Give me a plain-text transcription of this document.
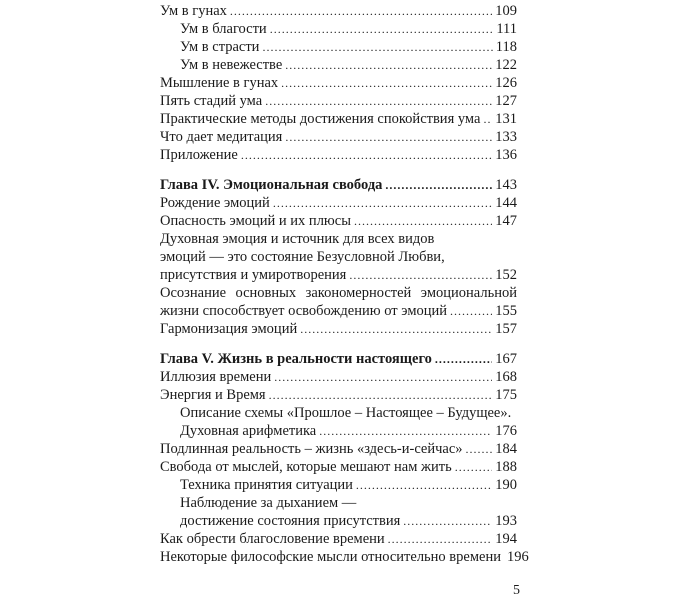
Ум в гунах .....	109
Ум в благости .....	111
Ум в страсти .....	118
Ум в невежестве .....	122
Мышление в гунах .....	126
Пять стадий ума .....	127
Практические методы достижения спокойствия ума ..... 131
Что дает медитация .....	133
Приложение .....	136
Глава IV. Эмоциональная свобода .....	143
Рождение эмоций .....	144
Опасность эмоций и их плюсы .....	147
Духовная эмоция и источник для всех видов
эмоций — это состояние Безусловной Любви,
присутствия и умиротворения .....	152
Осознание основных закономерностей эмоциональной
жизни способствует освобождению от эмоций .....	155
Гармонизация эмоций .....	157
Глава V. Жизнь в реальности настоящего .....	167
Иллюзия времени .....	168
Энергия и Время .....	175
Описание схемы «Прошлое – Настоящее – Будущее».
Духовная арифметика .....	176
Подлинная реальность – жизнь «здесь-и-сейчас» ..... 184
Свобода от мыслей, которые мешают нам жить .....	188
Техника принятия ситуации .....	190
Наблюдение за дыханием —
достижение состояния присутствия .....	193
Как обрести благословение времени .....	194
Некоторые философские мысли относительно времени 196
5
